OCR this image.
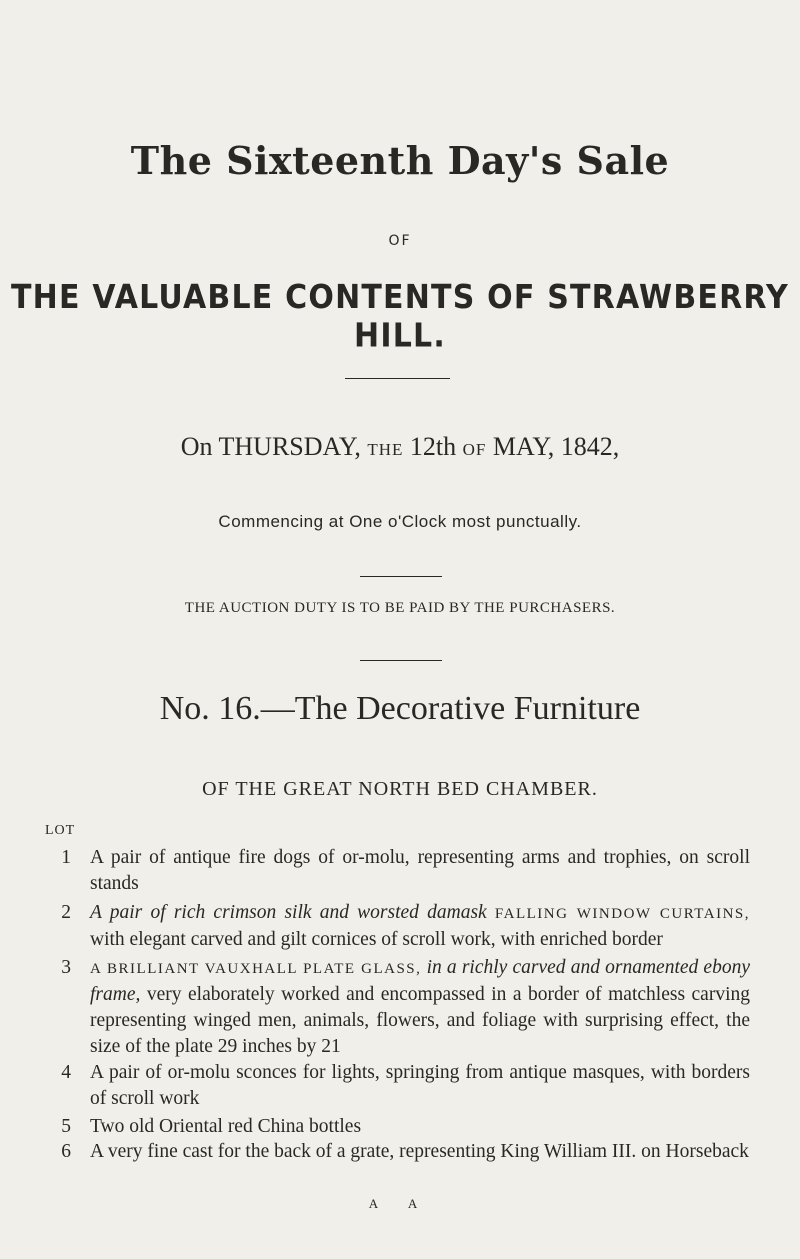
The Sixteenth Day's Sale
OF
THE VALUABLE CONTENTS OF STRAWBERRY HILL.
On THURSDAY, THE 12th OF MAY, 1842,
Commencing at One o'Clock most punctually.
THE AUCTION DUTY IS TO BE PAID BY THE PURCHASERS.
No. 16.—The Decorative Furniture
OF THE GREAT NORTH BED CHAMBER.
LOT
1 A pair of antique fire dogs of or-molu, representing arms and trophies, on scroll stands
2 A pair of rich crimson silk and worsted damask FALLING WINDOW CURTAINS, with elegant carved and gilt cornices of scroll work, with enriched border
3 A BRILLIANT VAUXHALL PLATE GLASS, in a richly carved and ornamented ebony frame, very elaborately worked and encompassed in a border of matchless carving representing winged men, animals, flowers, and foliage with surprising effect, the size of the plate 29 inches by 21
4 A pair of or-molu sconces for lights, springing from antique masques, with borders of scroll work
5 Two old Oriental red China bottles
6 A very fine cast for the back of a grate, representing King William III. on Horseback
A A
